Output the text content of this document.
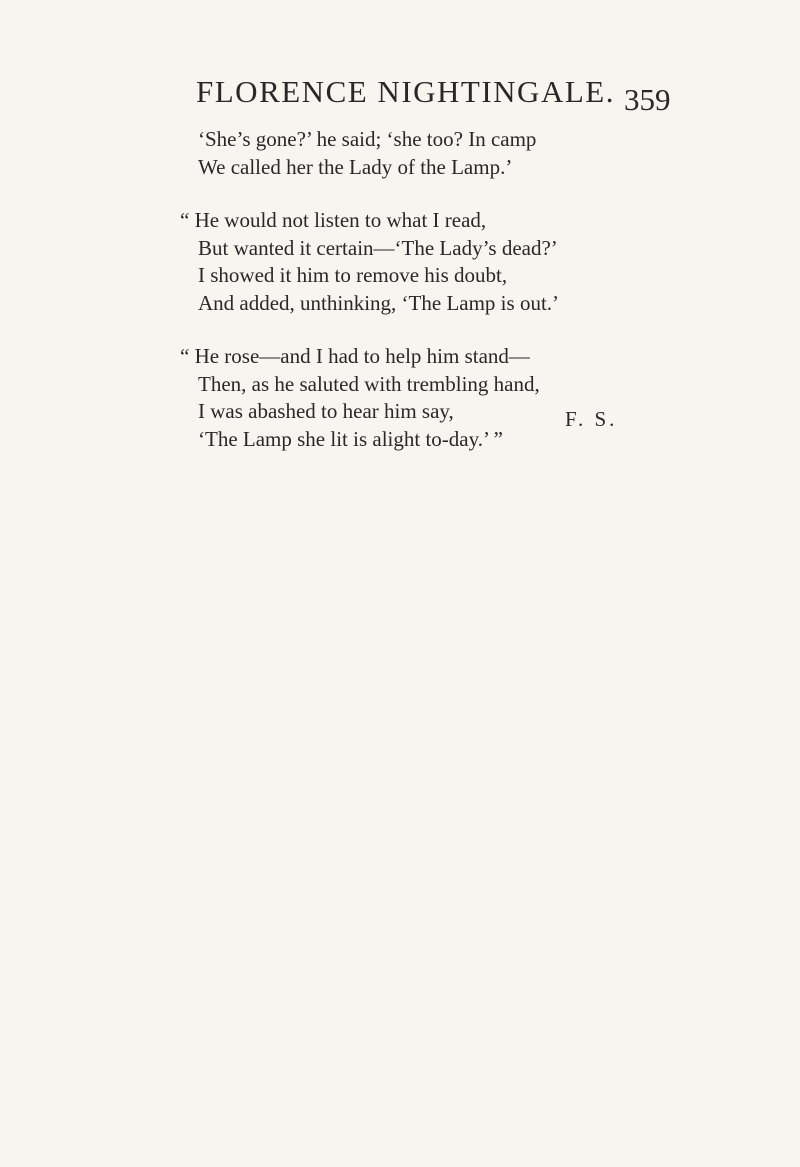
FLORENCE NIGHTINGALE. 359
‘She’s gone?’ he said; ‘she too? In camp
We called her the Lady of the Lamp.’
“ He would not listen to what I read,
But wanted it certain—‘The Lady’s dead?’
I showed it him to remove his doubt,
And added, unthinking, ‘The Lamp is out.’
“ He rose—and I had to help him stand—
Then, as he saluted with trembling hand,
I was abashed to hear him say,
‘The Lamp she lit is alight to-day.’ ”
F. S.
